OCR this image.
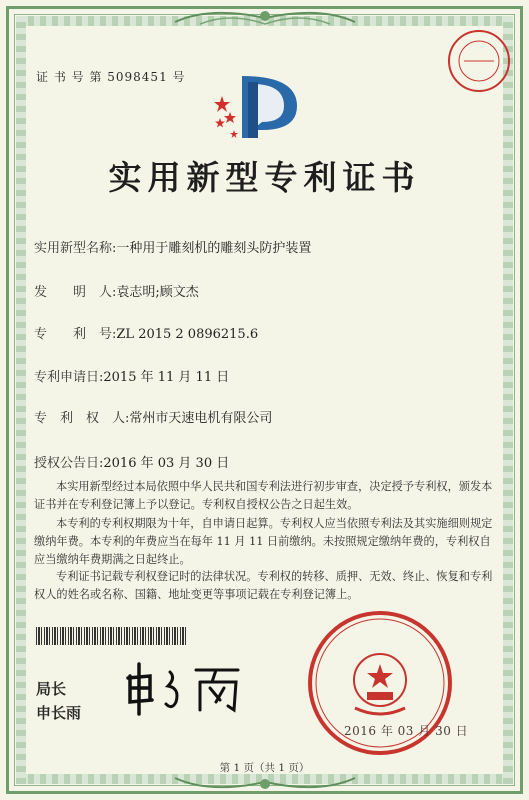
证 书 号 第 5098451 号
实用新型专利证书
实用新型名称:一种用于雕刻机的雕刻头防护装置
发　　明　人:袁志明;顾文杰
专　　利　号:ZL 2015 2 0896215.6
专利申请日:2015 年 11 月 11 日
专　利　权　人:常州市天速电机有限公司
授权公告日:2016 年 03 月 30 日

本实用新型经过本局依照中华人民共和国专利法进行初步审查，决定授予专利权，颁发本证书并在专利登记簿上予以登记。专利权自授权公告之日起生效。

本专利的专利权期限为十年，自申请日起算。专利权人应当依照专利法及其实施细则规定缴纳年费。本专利的年费应当在每年 11 月 11 日前缴纳。未按照规定缴纳年费的，专利权自应当缴纳年费期满之日起终止。

专利证书记载专利权登记时的法律状况。专利权的转移、质押、无效、终止、恢复和专利权人的姓名或名称、国籍、地址变更等事项记载在专利登记簿上。

局长
申长雨
2016 年 03 月 30 日
第 1 页（共 1 页）
